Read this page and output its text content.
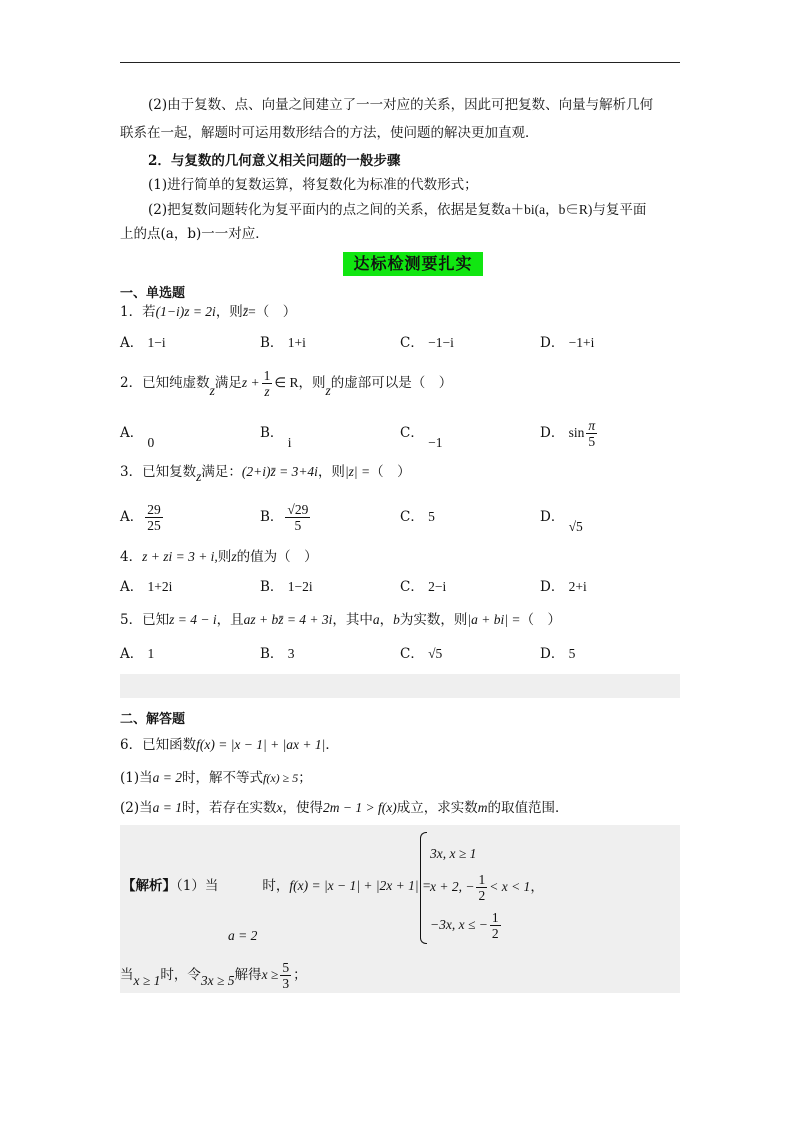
(2)由于复数、点、向量之间建立了一一对应的关系，因此可把复数、向量与解析几何
联系在一起，解题时可运用数形结合的方法，使问题的解决更加直观．
2．与复数的几何意义相关问题的一般步骤
(1)进行简单的复数运算，将复数化为标准的代数形式；
(2)把复数问题转化为复平面内的点之间的关系，依据是复数a＋bi(a，b∈R)与复平面
上的点(a，b)一一对应．
达标检测要扎实
一、单选题
1．若(1−i)z = 2i，则z̄=（　）
A． 1−i	B． 1+i	C． −1−i	D． −1+i
2．已知纯虚数z满足$z + \frac{1}{z}$ ∈ R，则z的虚部可以是（　）
A． 0
B． i
C． −1
D． $\sin \frac{\pi}{5}$
3．已知复数z满足：(2+i)z̄ = 3+4i，则|z| =（　）
A． $\frac{29}{25}$	B． $\frac{√29}{5}$	C． 5	D． √5
4．z + zi = 3 + i,则z的值为（　）
A． 1+2i	B． 1−2i	C． 2−i	D． 2+i
5．已知z = 4 − i，且az + bz̄ = 4 + 3i，其中a，b为实数，则|a + bi| =（　）
A． 1	B． 3	C． √5	D． 5
二、解答题
6．已知函数f(x) = |x − 1| + |ax + 1|．
(1)当a = 2时，解不等式f(x) ≥ 5；
(2)当a = 1时，若存在实数x，使得2m − 1 > f(x)成立，求实数m的取值范围．
【解析】（1）当	时，f(x) = |x − 1| + |2x + 1| =
a = 2
3x, x ≥ 1
x + 2, − $\frac{1}{2} < x < 1$，
−3x, x ≤ − $\frac{1}{2}$
当x ≥ 1时，令3x ≥ 5解得$x \ge \frac{5}{3}$ ；
